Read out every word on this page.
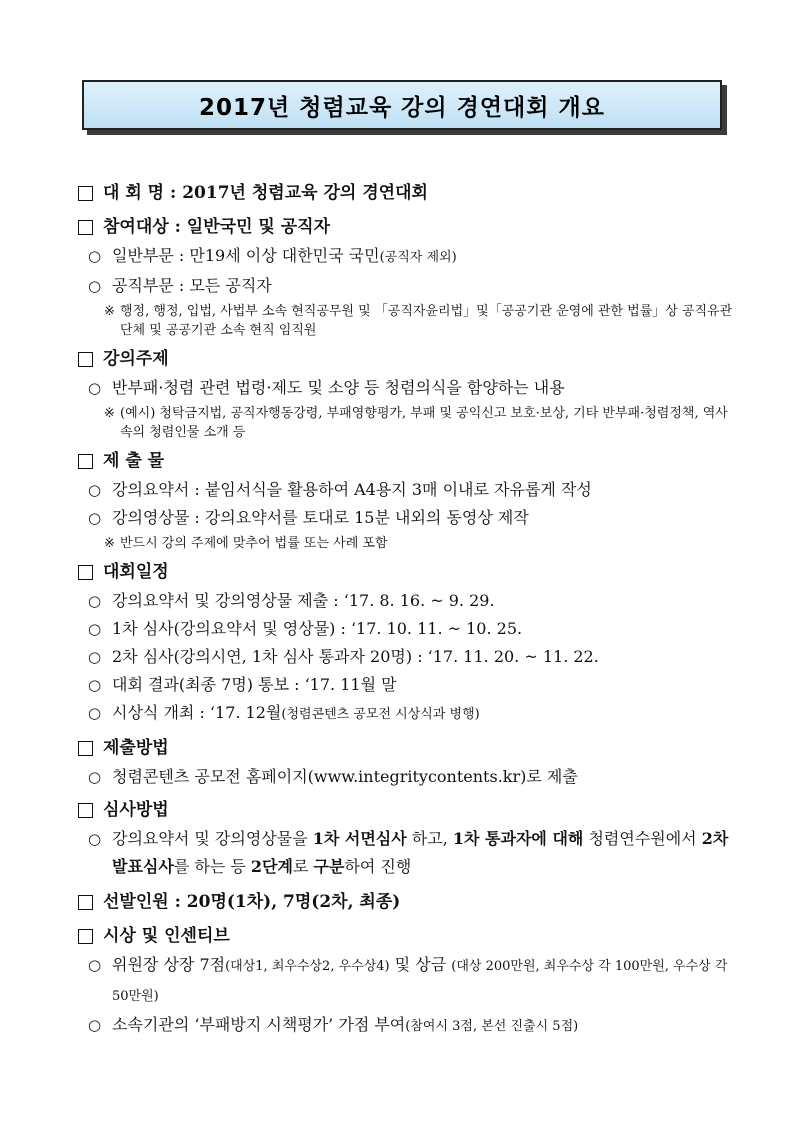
2017년 청렴교육 강의 경연대회 개요
대 회 명 : 2017년 청렴교육 강의 경연대회
참여대상 : 일반국민 및 공직자
○ 일반부문 : 만19세 이상 대한민국 국민(공직자 제외)
○ 공직부문 : 모든 공직자
※ 행정, 행정, 입법, 사법부 소속 현직공무원 및 「공직자윤리법」및「공공기관 운영에 관한 법률」상 공직유관단체 및 공공기관 소속 현직 임직원
강의주제
○ 반부패·청렴 관련 법령·제도 및 소양 등 청렴의식을 함양하는 내용
※ (예시) 청탁금지법, 공직자행동강령, 부패영향평가, 부패 및 공익신고 보호·보상, 기타 반부패·청렴정책, 역사속의 청렴인물 소개 등
제 출 물
○ 강의요약서 : 붙임서식을 활용하여 A4용지 3매 이내로 자유롭게 작성
○ 강의영상물 : 강의요약서를 토대로 15분 내외의 동영상 제작
※ 반드시 강의 주제에 맞추어 법률 또는 사례 포함
대회일정
○ 강의요약서 및 강의영상물 제출 : ‘17. 8. 16. ~ 9. 29.
○ 1차 심사(강의요약서 및 영상물) : ‘17. 10. 11. ~ 10. 25.
○ 2차 심사(강의시연, 1차 심사 통과자 20명) : ‘17. 11. 20. ~ 11. 22.
○ 대회 결과(최종 7명) 통보 : ‘17. 11월 말
○ 시상식 개최 : ‘17. 12월(청렴콘텐츠 공모전 시상식과 병행)
제출방법
○ 청렴콘텐츠 공모전 홈페이지(www.integritycontents.kr)로 제출
심사방법
○ 강의요약서 및 강의영상물을 1차 서면심사 하고, 1차 통과자에 대해 청렴연수원에서 2차 발표심사를 하는 등 2단계로 구분하여 진행
선발인원 : 20명(1차), 7명(2차, 최종)
시상 및 인센티브
○ 위원장 상장 7점(대상1, 최우수상2, 우수상4) 및 상금 (대상 200만원, 최우수상 각 100만원, 우수상 각 50만원)
○ 소속기관의 ‘부패방지 시책평가’ 가점 부여(참여시 3점, 본선 진출시 5점)
